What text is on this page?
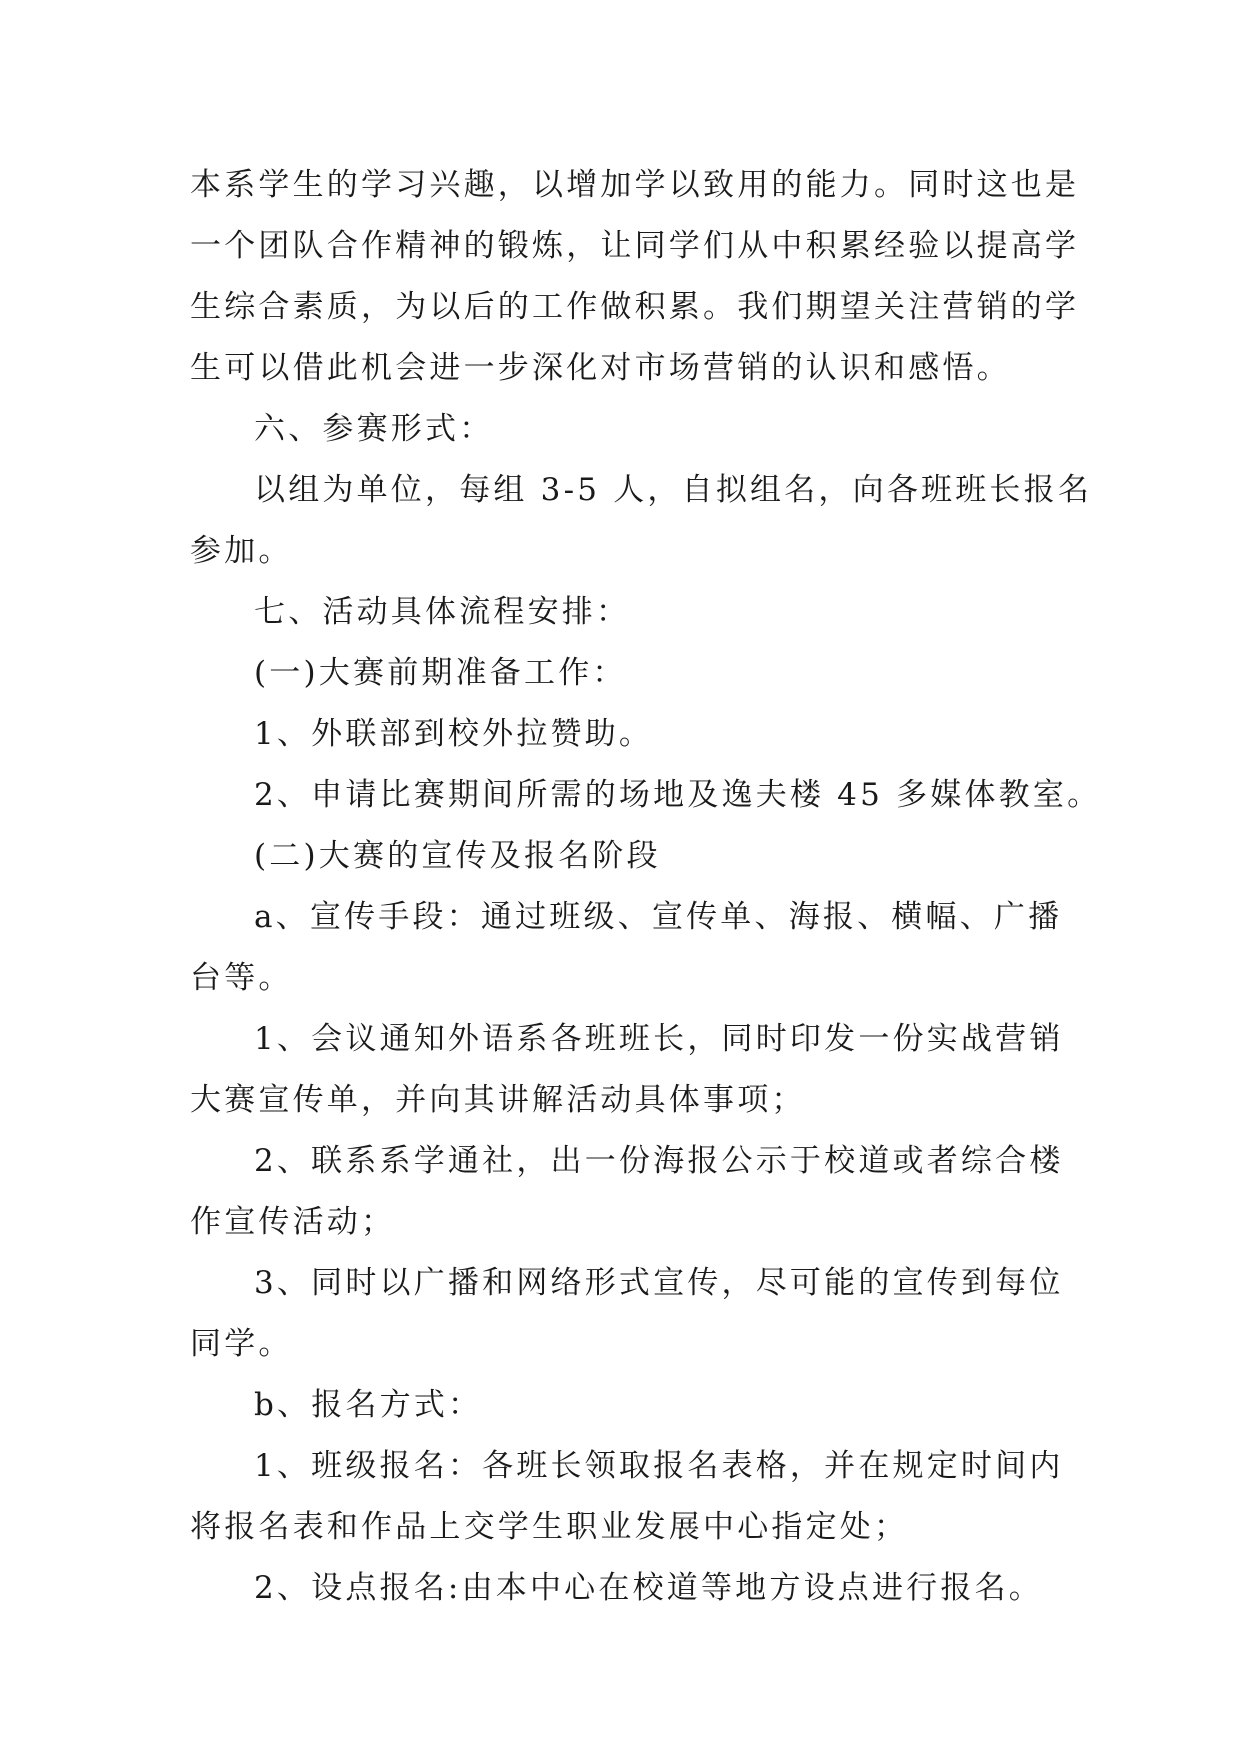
本系学生的学习兴趣，以增加学以致用的能力。同时这也是
一个团队合作精神的锻炼，让同学们从中积累经验以提高学
生综合素质，为以后的工作做积累。我们期望关注营销的学
生可以借此机会进一步深化对市场营销的认识和感悟。
六、参赛形式：
以组为单位，每组 3-5 人，自拟组名，向各班班长报名
参加。
七、活动具体流程安排：
(一)大赛前期准备工作：
1、外联部到校外拉赞助。
2、申请比赛期间所需的场地及逸夫楼 45 多媒体教室。
(二)大赛的宣传及报名阶段
a、宣传手段：通过班级、宣传单、海报、横幅、广播
台等。
1、会议通知外语系各班班长，同时印发一份实战营销
大赛宣传单，并向其讲解活动具体事项；
2、联系系学通社，出一份海报公示于校道或者综合楼
作宣传活动；
3、同时以广播和网络形式宣传，尽可能的宣传到每位
同学。
b、报名方式：
1、班级报名：各班长领取报名表格，并在规定时间内
将报名表和作品上交学生职业发展中心指定处；
2、设点报名:由本中心在校道等地方设点进行报名。
